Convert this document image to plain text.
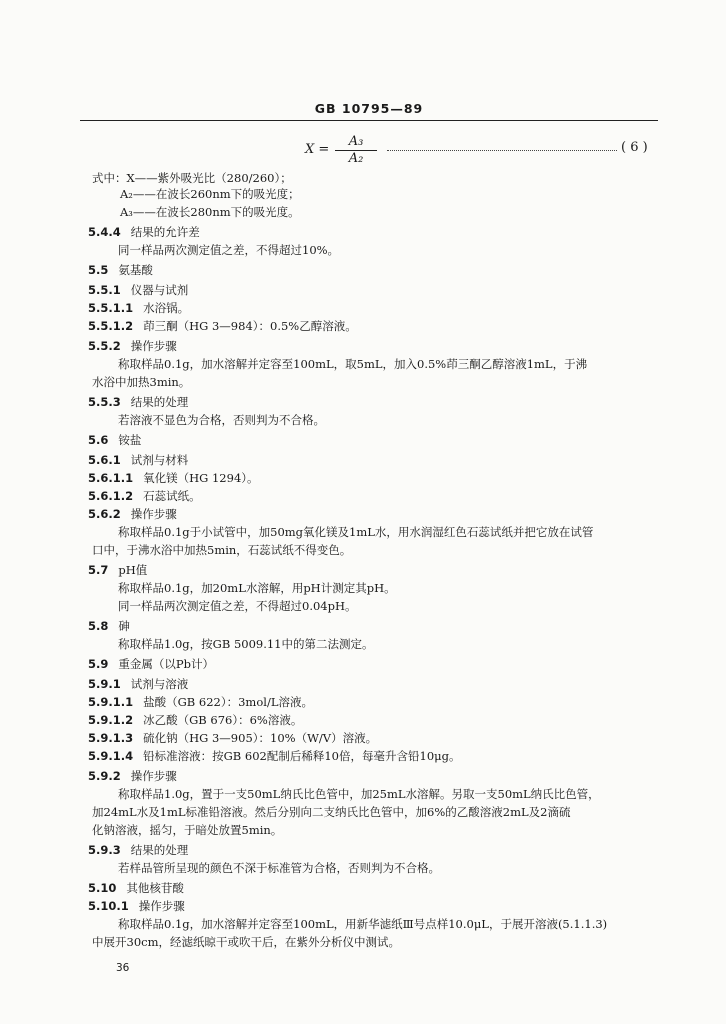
GB 10795—89
$X = \frac{\text{A₃}}{\text{A₂}}$	( 6 )
式中：X——紫外吸光比（280/260）；
A₂——在波长260nm下的吸光度；
A₃——在波长280nm下的吸光度。
5.4.4 结果的允许差
同一样品两次测定值之差，不得超过10%。
5.5 氨基酸
5.5.1 仪器与试剂
5.5.1.1 水浴锅。
5.5.1.2 茚三酮（HG 3—984）：0.5%乙醇溶液。
5.5.2 操作步骤
称取样品0.1g，加水溶解并定容至100mL，取5mL，加入0.5%茚三酮乙醇溶液1mL，于沸
水浴中加热3min。
5.5.3 结果的处理
若溶液不显色为合格，否则判为不合格。
5.6 铵盐
5.6.1 试剂与材料
5.6.1.1 氧化镁（HG 1294）。
5.6.1.2 石蕊试纸。
5.6.2 操作步骤
称取样品0.1g于小试管中，加50mg氧化镁及1mL水，用水润湿红色石蕊试纸并把它放在试管
口中，于沸水浴中加热5min，石蕊试纸不得变色。
5.7 pH值
称取样品0.1g，加20mL水溶解，用pH计测定其pH。
同一样品两次测定值之差，不得超过0.04pH。
5.8 砷
称取样品1.0g，按GB 5009.11中的第二法测定。
5.9 重金属（以Pb计）
5.9.1 试剂与溶液
5.9.1.1 盐酸（GB 622）：3mol/L溶液。
5.9.1.2 冰乙酸（GB 676）：6%溶液。
5.9.1.3 硫化钠（HG 3—905）：10%（W/V）溶液。
5.9.1.4 铅标准溶液：按GB 602配制后稀释10倍，每毫升含铅10μg。
5.9.2 操作步骤
称取样品1.0g，置于一支50mL纳氏比色管中，加25mL水溶解。另取一支50mL纳氏比色管，
加24mL水及1mL标准铅溶液。然后分别向二支纳氏比色管中，加6%的乙酸溶液2mL及2滴硫
化钠溶液，摇匀，于暗处放置5min。
5.9.3 结果的处理
若样品管所呈现的颜色不深于标准管为合格，否则判为不合格。
5.10 其他核苷酸
5.10.1 操作步骤
称取样品0.1g，加水溶解并定容至100mL，用新华滤纸Ⅲ号点样10.0μL，于展开溶液(5.1.1.3)
中展开30cm，经滤纸晾干或吹干后，在紫外分析仪中测试。
36
